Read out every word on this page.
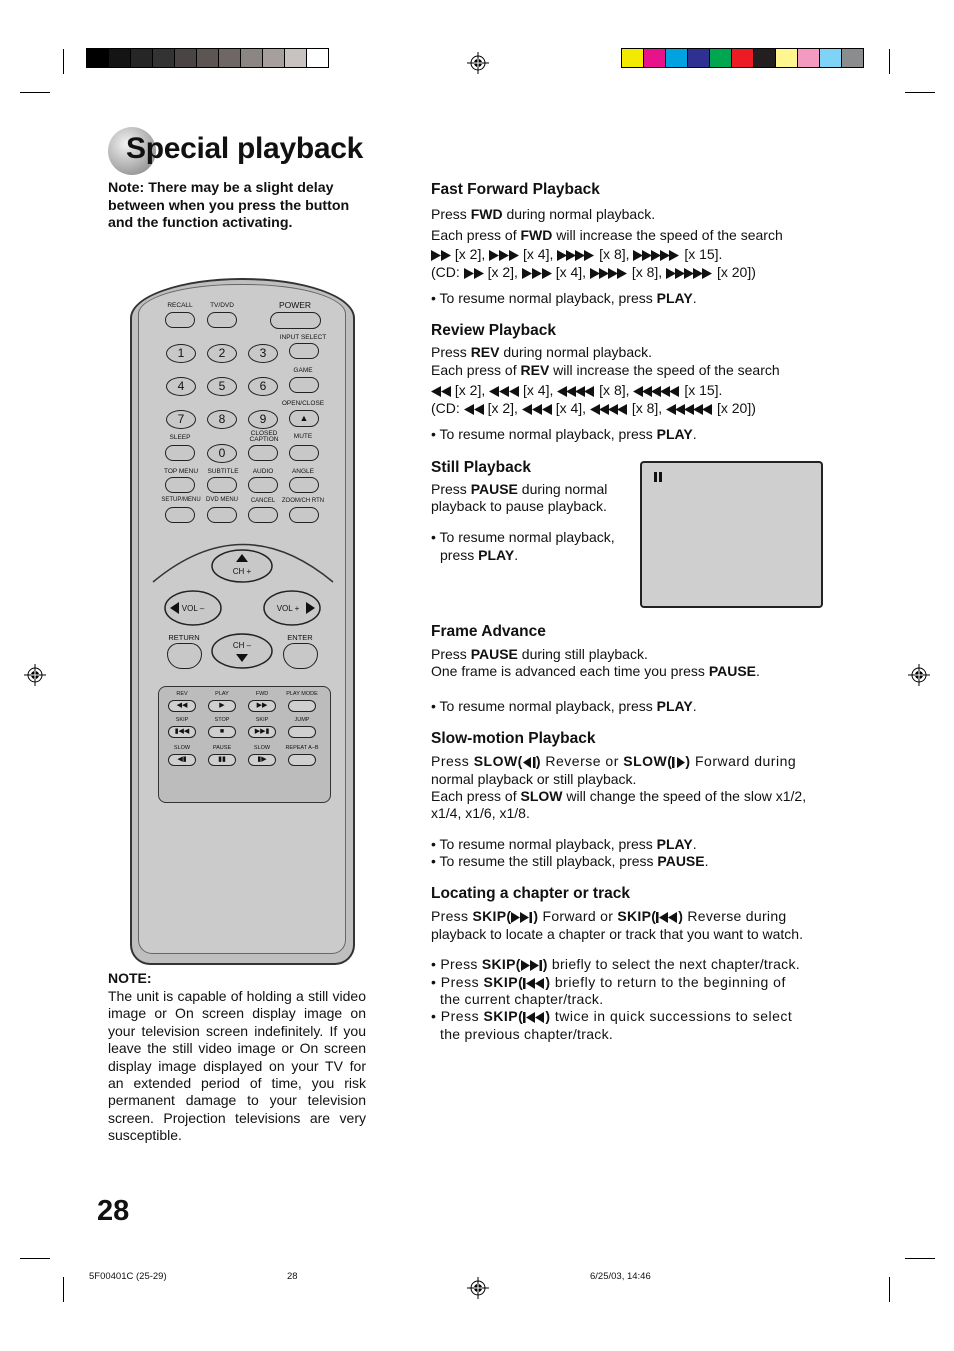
Special playback
Note: There may be a slight delay between when you press the button and the function activating.
RECALL	TV/DVD	POWER
INPUT SELECT
1	2	3
GAME
4	5	6
OPEN/CLOSE
7	8	9	▲
SLEEP
CLOSED
CAPTION MUTE
0
TOP MENU SUBTITLE AUDIO	ANGLE
SETUP/MENU DVD MENU CANCEL ZOOM/CH RTN
CH +
VOL –	VOL +
CH –
RETURN	ENTER
REV	PLAY	FWD	PLAY MODE
◀◀	▶	▶▶
SKIP	STOP	SKIP	JUMP
▮◀◀	■	▶▶▮
SLOW	PAUSE	SLOW	REPEAT A–B
◀▮	▮▮	▮▶
NOTE:
The unit is capable of holding a still video image or On screen display image on your television screen indefinitely. If you leave the still video image or On screen display image displayed on your TV for an extended period of time, you risk permanent damage to your television screen. Projection televisions are very susceptible.
28
5F00401C (25-29)	28	6/25/03, 14:46
Fast Forward Playback

Press FWD during normal playback.

Each press of FWD will increase the speed of the search

[x 2],	[x 4],	[x 8],	[x 15].

(CD: [x 2],	[x 4],	[x 8],	[x 20])

• To resume normal playback, press PLAY.

Review Playback

Press REV during normal playback.

Each press of REV will increase the speed of the search

[x 2],	[x 4],	[x 8],	[x 15].

(CD: [x 2],	[x 4],	[x 8],	[x 20])

• To resume normal playback, press PLAY.

Still Playback

Press PAUSE during normal

playback to pause playback.

• To resume normal playback,

press PLAY.

Frame Advance

Press PAUSE during still playback.

One frame is advanced each time you press PAUSE.

• To resume normal playback, press PLAY.

Slow-motion Playback

Press SLOW( ) Reverse or SLOW( ) Forward during

normal playback or still playback.

Each press of SLOW will change the speed of the slow x1/2,

x1/4, x1/6, x1/8.

• To resume normal playback, press PLAY.

• To resume the still playback, press PAUSE.

Locating a chapter or track

Press SKIP( ) Forward or SKIP( ) Reverse during

playback to locate a chapter or track that you want to watch.

• Press SKIP( ) briefly to select the next chapter/track.

• Press SKIP( ) briefly to return to the beginning of

the current chapter/track.

• Press SKIP( ) twice in quick successions to select

the previous chapter/track.
